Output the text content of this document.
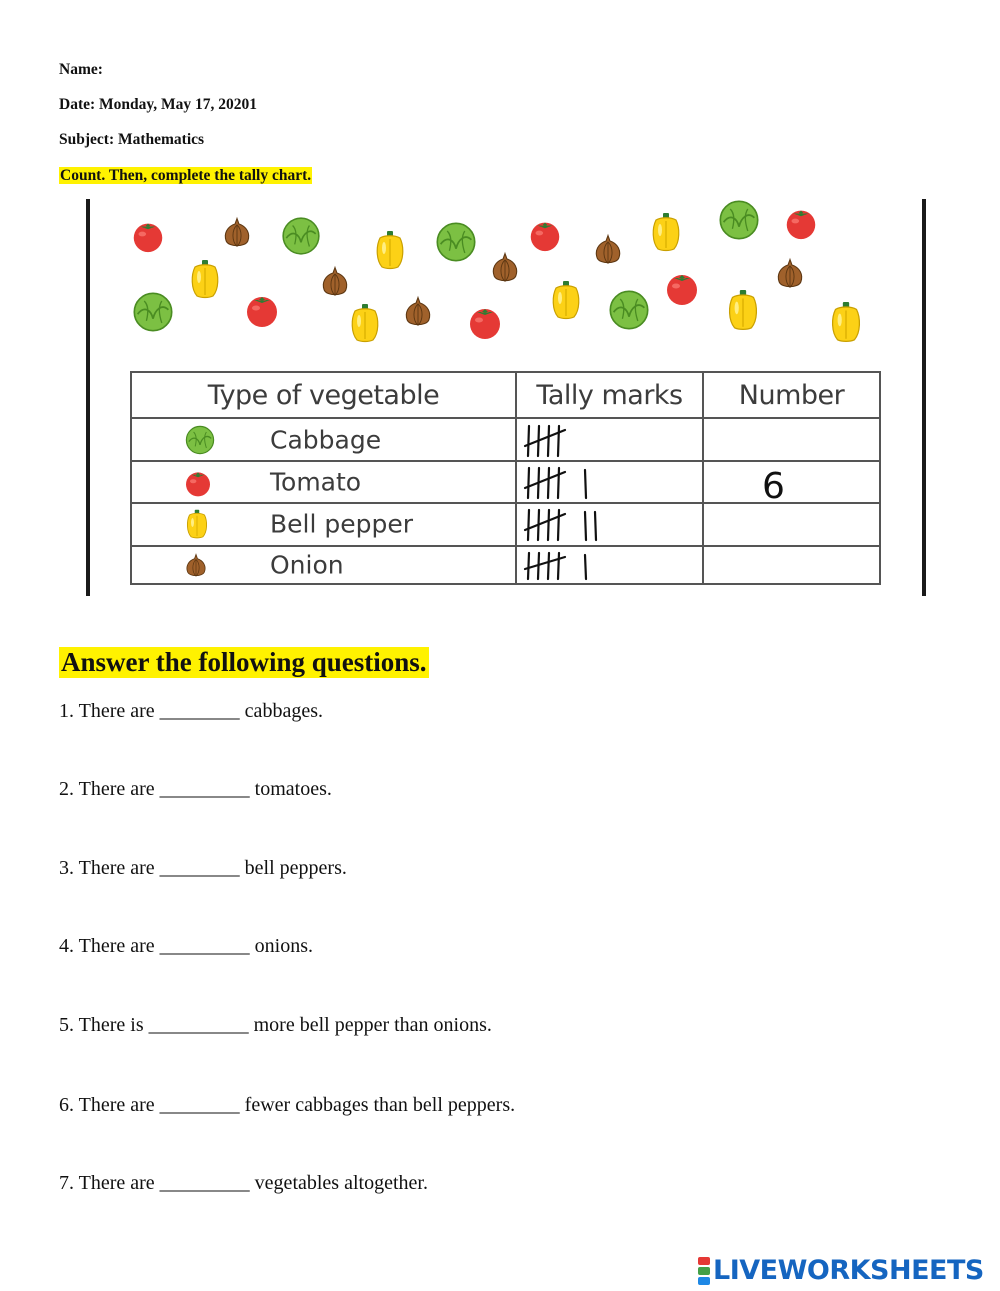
Name:
Date: Monday, May 17, 20201
Subject: Mathematics
Count. Then, complete the tally chart.
Type of vegetable	Tally marks	Number

Cabbage

Tomato		6

Bell pepper

Onion

Answer the following questions.
1. There are ________ cabbages.
2. There are _________ tomatoes.
3. There are ________ bell peppers.
4. There are _________ onions.
5. There is __________ more bell pepper than onions.
6. There are ________ fewer cabbages than bell peppers.
7. There are _________ vegetables altogether.
LIVEWORKSHEETS
